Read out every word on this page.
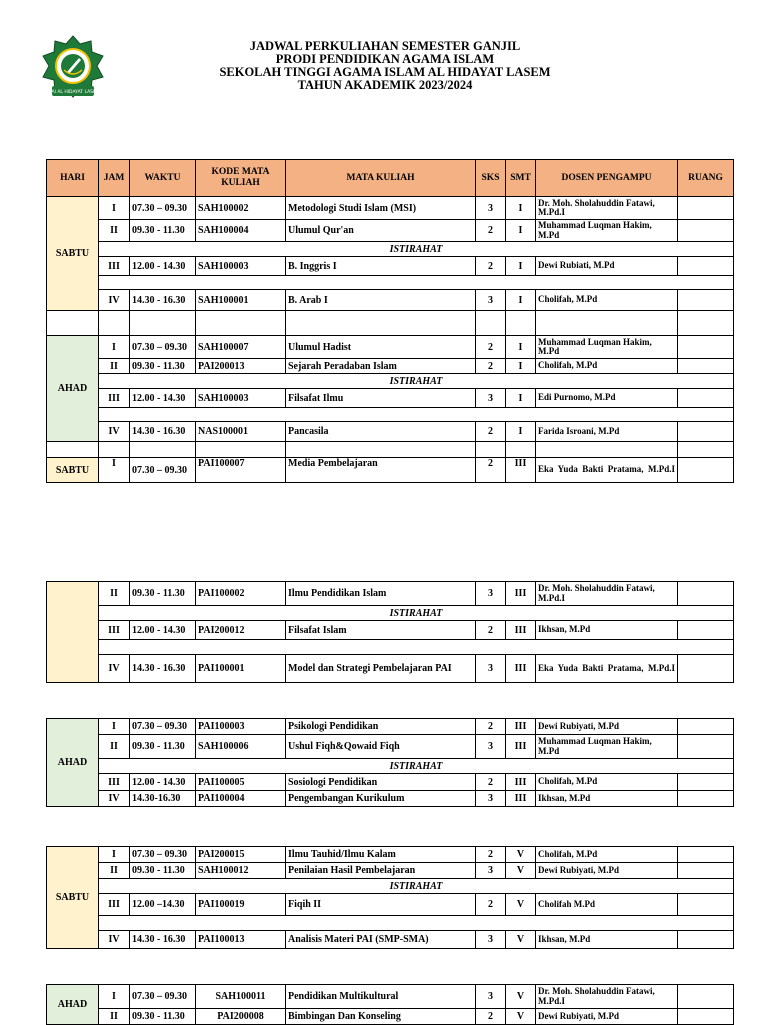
STAI AL HIDAYAT LASEM
JADWAL PERKULIAHAN SEMESTER GANJIL
PRODI PENDIDIKAN AGAMA ISLAM
SEKOLAH TINGGI AGAMA ISLAM AL HIDAYAT LASEM
TAHUN AKADEMIK 2023/2024
HARI	JAM	WAKTU	KODE MATA KULIAH	MATA KULIAH	SKS	SMT	DOSEN PENGAMPU	RUANG
SABTU	I	07.30 – 09.30	SAH100002	Metodologi Studi Islam (MSI)	3	I	Dr. Moh. Sholahuddin Fatawi, M.Pd.I	
	II	09.30 - 11.30	SAH100004	Ulumul Qur'an	2	I	Muhammad Luqman Hakim, M.Pd	
	ISTIRAHAT							
	III	12.00 - 14.30	SAH100003	B. Inggris I	2	I	Dewi Rubiati, M.Pd	

	IV	14.30 - 16.30	SAH100001	B. Arab I	3	I	Cholifah, M.Pd	

AHAD	I	07.30 – 09.30	SAH100007	Ulumul Hadist	2	I	Muhammad Luqman Hakim, M.Pd	
	II	09.30 - 11.30	PAI200013	Sejarah Peradaban Islam	2	I	Cholifah, M.Pd	
	ISTIRAHAT							
	III	12.00 - 14.30	SAH100003	Filsafat Ilmu	3	I	Edi Purnomo, M.Pd	

	IV	14.30 - 16.30	NAS100001	Pancasila	2	I	Farida Isroani, M.Pd	

SABTU	I	07.30 – 09.30	PAI100007	Media Pembelajaran	2	III	Eka Yuda Bakti Pratama, M.Pd.I	
	II	09.30 - 11.30	PAI100002	Ilmu Pendidikan Islam	3	III	Dr. Moh. Sholahuddin Fatawi, M.Pd.I	
	ISTIRAHAT							
	III	12.00 - 14.30	PAI200012	Filsafat Islam	2	III	Ikhsan, M.Pd	

	IV	14.30 - 16.30	PAI100001	Model dan Strategi Pembelajaran PAI	3	III	Eka Yuda Bakti Pratama, M.Pd.I	
AHAD	I	07.30 – 09.30	PAI100003	Psikologi Pendidikan	2	III	Dewi Rubiyati, M.Pd	
	II	09.30 - 11.30	SAH100006	Ushul Fiqh&Qowaid Fiqh	3	III	Muhammad Luqman Hakim, M.Pd	
	ISTIRAHAT							
	III	12.00 - 14.30	PAI100005	Sosiologi Pendidikan	2	III	Cholifah, M.Pd	
	IV	14.30-16.30	PAI100004	Pengembangan Kurikulum	3	III	Ikhsan, M.Pd	
SABTU	I	07.30 – 09.30	PAI200015	Ilmu Tauhid/Ilmu Kalam	2	V	Cholifah, M.Pd	
	II	09.30 - 11.30	SAH100012	Penilaian Hasil Pembelajaran	3	V	Dewi Rubiyati, M.Pd	
	ISTIRAHAT							
	III	12.00 –14.30	PAI100019	Fiqih II	2	V	Cholifah M.Pd	

	IV	14.30 - 16.30	PAI100013	Analisis Materi PAI (SMP-SMA)	3	V	Ikhsan, M.Pd	
AHAD	I	07.30 – 09.30	SAH100011	Pendidikan Multikultural	3	V	Dr. Moh. Sholahuddin Fatawi, M.Pd.I	
	II	09.30 - 11.30	PAI200008	Bimbingan Dan Konseling	2	V	Dewi Rubiyati, M.Pd	
